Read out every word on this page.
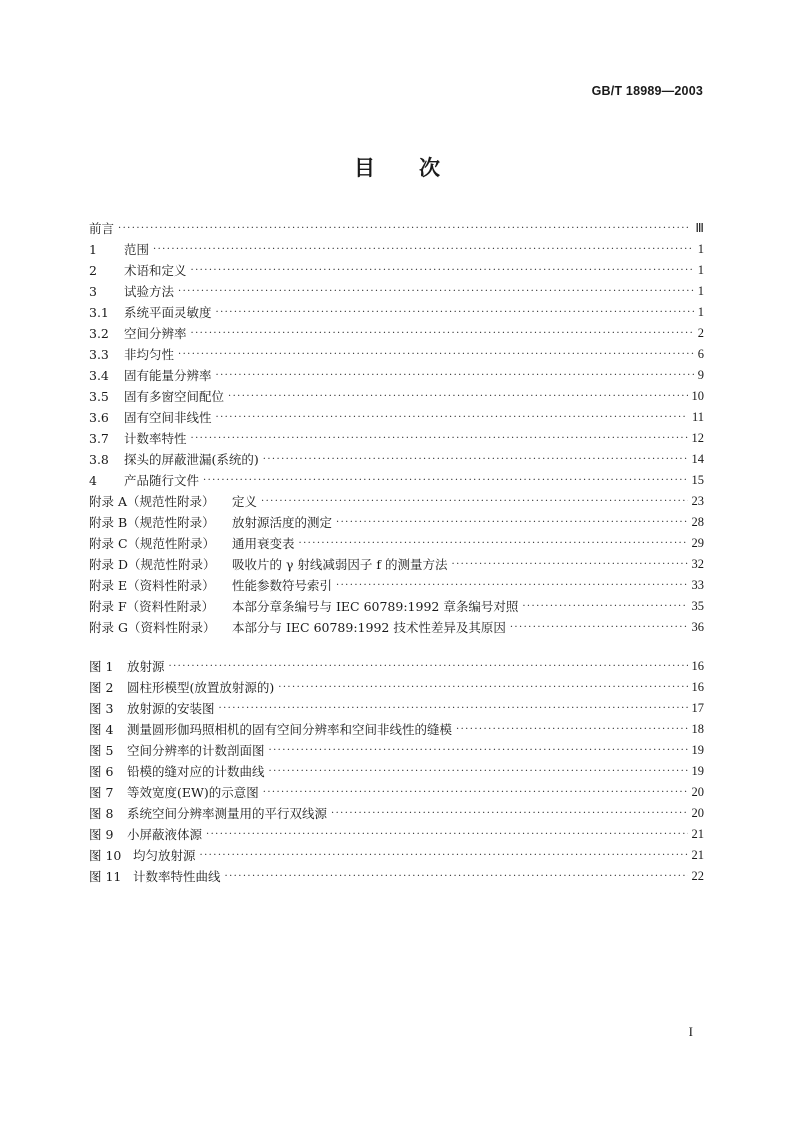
GB/T 18989—2003
目 次
前言 ·····	Ⅲ
1	范围 ·····	1
2	术语和定义 ·····	1
3	试验方法 ·····	1
3.1	系统平面灵敏度 ·····	1
3.2	空间分辨率 ·····	2
3.3	非均匀性 ·····	6
3.4	固有能量分辨率 ·····	9
3.5	固有多窗空间配位 ·····	10
3.6	固有空间非线性 ·····	11
3.7	计数率特性 ·····	12
3.8	探头的屏蔽泄漏(系统的) ·····	14
4	产品随行文件 ·····	15
附录 A（规范性附录）	定义 ·····	23
附录 B（规范性附录）	放射源活度的测定 ·····	28
附录 C（规范性附录）	通用衰变表 ·····	29
附录 D（规范性附录）	吸收片的 γ 射线减弱因子 f 的测量方法 ·····	32
附录 E（资料性附录）	性能参数符号索引 ·····	33
附录 F（资料性附录）	本部分章条编号与 IEC 60789:1992 章条编号对照 ·····	35
附录 G（资料性附录）	本部分与 IEC 60789:1992 技术性差异及其原因 ·····	36
图 1	放射源 ·····	16
图 2	圆柱形模型(放置放射源的) ·····	16
图 3	放射源的安装图 ·····	17
图 4	测量圆形伽玛照相机的固有空间分辨率和空间非线性的缝模 ·····	18
图 5	空间分辨率的计数剖面图 ·····	19
图 6	铅模的缝对应的计数曲线 ·····	19
图 7	等效宽度(EW)的示意图 ·····	20
图 8	系统空间分辨率测量用的平行双线源 ·····	20
图 9	小屏蔽液体源 ·····	21
图 10 均匀放射源 ·····	21
图 11 计数率特性曲线 ·····	22
I
